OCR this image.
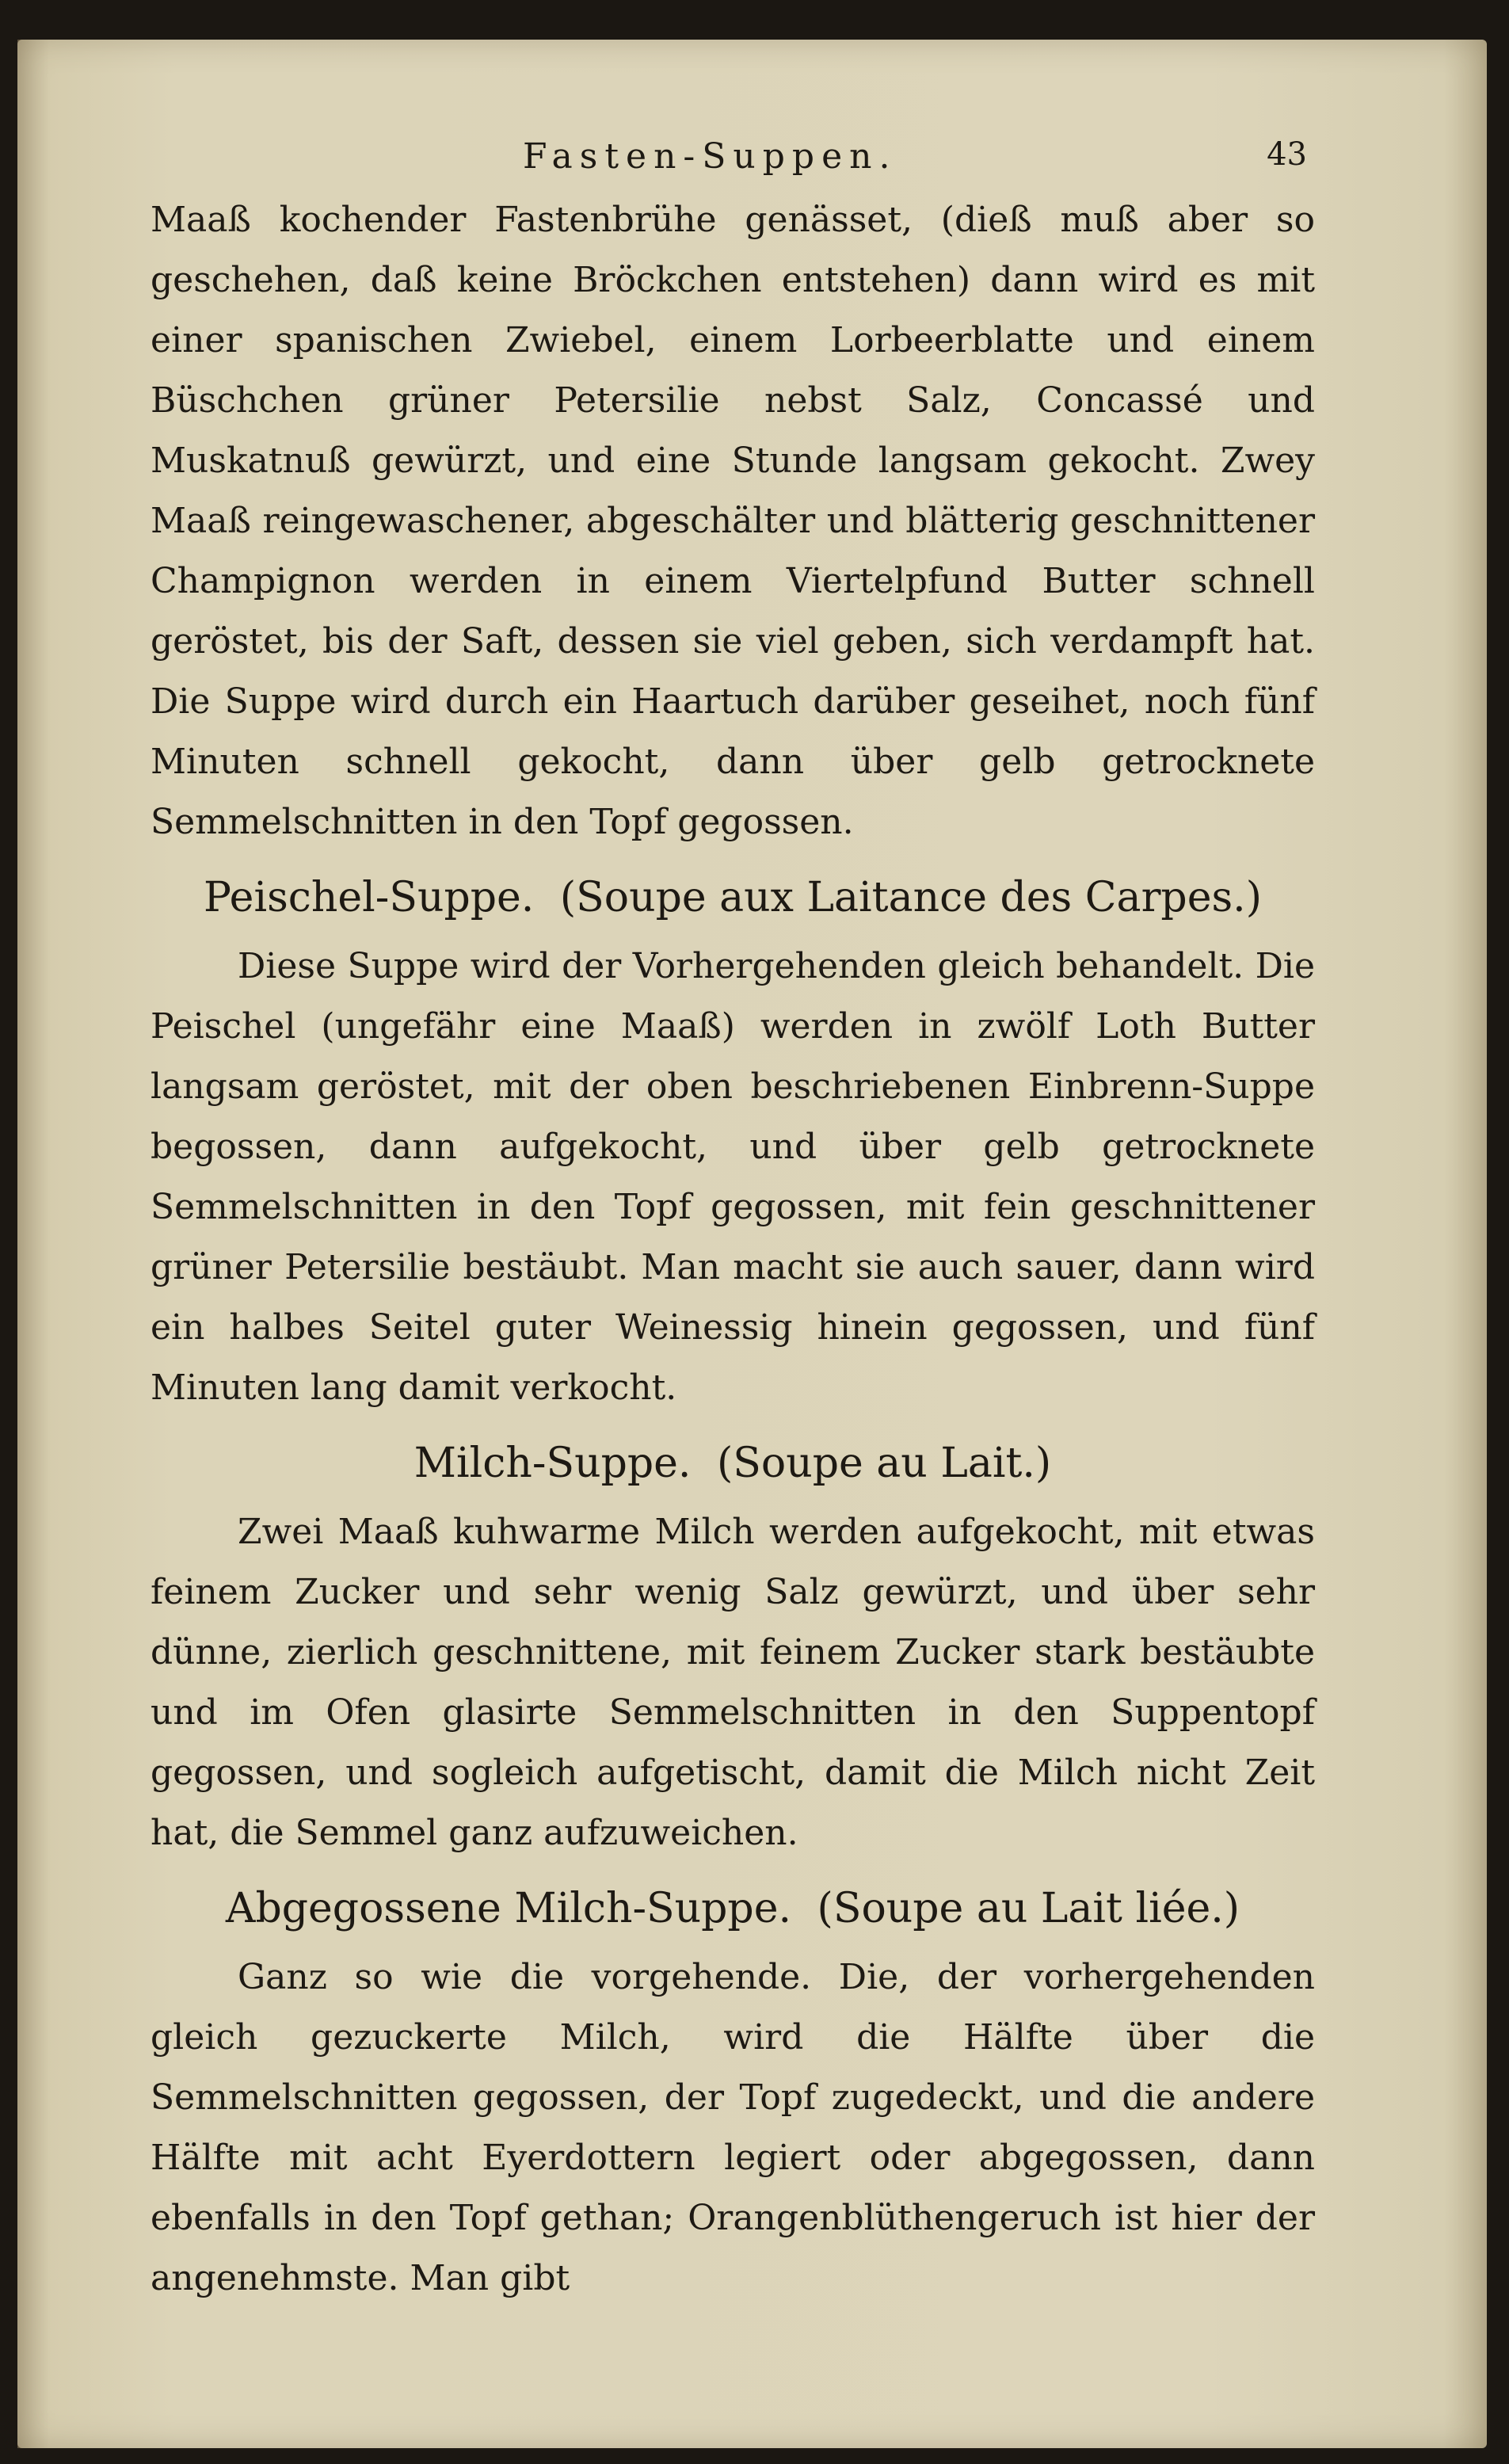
Fasten-Suppen.	43
Maaß kochender Fastenbrühe genässet, (dieß muß aber so geschehen, daß keine Bröckchen entstehen) dann wird es mit einer spanischen Zwiebel, einem Lorbeerblatte und einem Büschchen grüner Petersilie nebst Salz, Concassé und Muskatnuß gewürzt, und eine Stunde langsam gekocht. Zwey Maaß reingewaschener, abgeschälter und blätterig geschnittener Champignon werden in einem Viertelpfund Butter schnell geröstet, bis der Saft, dessen sie viel geben, sich verdampft hat. Die Suppe wird durch ein Haartuch darüber geseihet, noch fünf Minuten schnell gekocht, dann über gelb getrocknete Semmelschnitten in den Topf gegossen.
Peischel-Suppe. (Soupe aux Laitance des Carpes.)
Diese Suppe wird der Vorhergehenden gleich behandelt. Die Peischel (ungefähr eine Maaß) werden in zwölf Loth Butter langsam geröstet, mit der oben beschriebenen Einbrenn-Suppe begossen, dann aufgekocht, und über gelb getrocknete Semmelschnitten in den Topf gegossen, mit fein geschnittener grüner Petersilie bestäubt. Man macht sie auch sauer, dann wird ein halbes Seitel guter Weinessig hinein gegossen, und fünf Minuten lang damit verkocht.
Milch-Suppe. (Soupe au Lait.)
Zwei Maaß kuhwarme Milch werden aufgekocht, mit etwas feinem Zucker und sehr wenig Salz gewürzt, und über sehr dünne, zierlich geschnittene, mit feinem Zucker stark bestäubte und im Ofen glasirte Semmelschnitten in den Suppentopf gegossen, und sogleich aufgetischt, damit die Milch nicht Zeit hat, die Semmel ganz aufzuweichen.
Abgegossene Milch-Suppe. (Soupe au Lait liée.)
Ganz so wie die vorgehende. Die, der vorhergehenden gleich gezuckerte Milch, wird die Hälfte über die Semmelschnitten gegossen, der Topf zugedeckt, und die andere Hälfte mit acht Eyerdottern legiert oder abgegossen, dann ebenfalls in den Topf gethan; Orangenblüthengeruch ist hier der angenehmste. Man gibt
